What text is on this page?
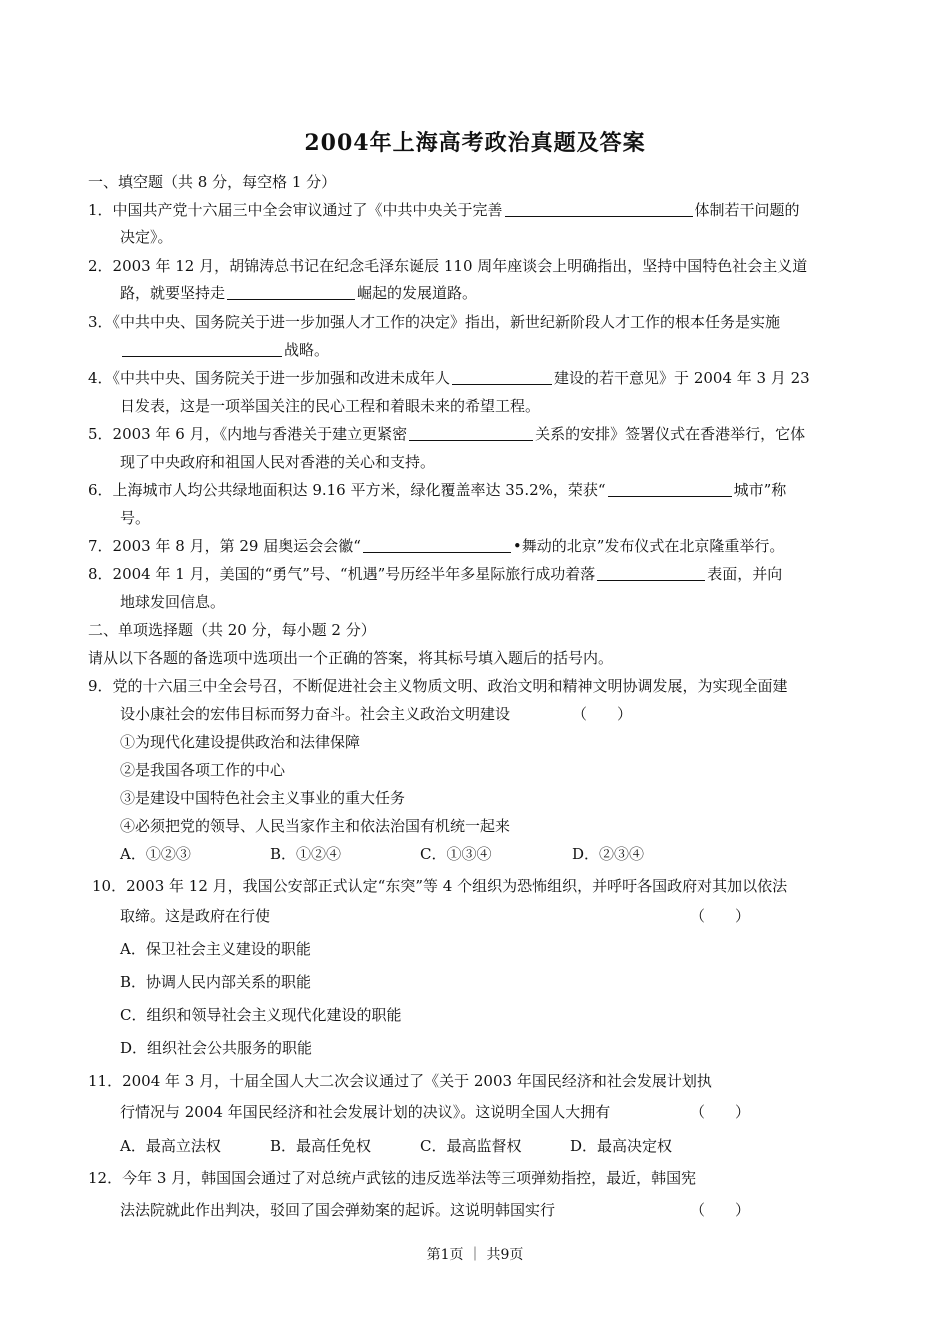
2004年上海高考政治真题及答案
一、填空题（共 8 分，每空格 1 分）
1．中国共产党十六届三中全会审议通过了《中共中央关于完善	体制若干问题的
决定》。
2．2003 年 12 月，胡锦涛总书记在纪念毛泽东诞辰 110 周年座谈会上明确指出，坚持中国特色社会主义道
路，就要坚持走	崛起的发展道路。
3．《中共中央、国务院关于进一步加强人才工作的决定》指出，新世纪新阶段人才工作的根本任务是实施
战略。
4．《中共中央、国务院关于进一步加强和改进未成年人	建设的若干意见》于 2004 年 3 月 23
日发表，这是一项举国关注的民心工程和着眼未来的希望工程。
5．2003 年 6 月，《内地与香港关于建立更紧密	关系的安排》签署仪式在香港举行，它体
现了中央政府和祖国人民对香港的关心和支持。
6．上海城市人均公共绿地面积达 9.16 平方米，绿化覆盖率达 35.2%，荣获“	城市”称
号。
7．2003 年 8 月，第 29 届奥运会会徽“	•舞动的北京”发布仪式在北京隆重举行。
8．2004 年 1 月，美国的“勇气”号、“机遇”号历经半年多星际旅行成功着落	表面，并向
地球发回信息。
二、单项选择题（共 20 分，每小题 2 分）
请从以下各题的备选项中选项出一个正确的答案，将其标号填入题后的括号内。
9．党的十六届三中全会号召，不断促进社会主义物质文明、政治文明和精神文明协调发展，为实现全面建
设小康社会的宏伟目标而努力奋斗。社会主义政治文明建设	（　　）
①为现代化建设提供政治和法律保障
②是我国各项工作的中心
③是建设中国特色社会主义事业的重大任务
④必须把党的领导、人民当家作主和依法治国有机统一起来
A．①②③	B．①②④	C．①③④	D．②③④
10．2003 年 12 月，我国公安部正式认定“东突”等 4 个组织为恐怖组织，并呼吁各国政府对其加以依法
取缔。这是政府在行使	（　　）
A．保卫社会主义建设的职能
B．协调人民内部关系的职能
C．组织和领导社会主义现代化建设的职能
D．组织社会公共服务的职能
11．2004 年 3 月，十届全国人大二次会议通过了《关于 2003 年国民经济和社会发展计划执
行情况与 2004 年国民经济和社会发展计划的决议》。这说明全国人大拥有	（　　）
A．最高立法权	B．最高任免权	C．最高监督权	D．最高决定权
12．今年 3 月，韩国国会通过了对总统卢武铉的违反选举法等三项弹劾指控，最近，韩国宪
法法院就此作出判决，驳回了国会弹劾案的起诉。这说明韩国实行	（　　）
第1页 ｜ 共9页
